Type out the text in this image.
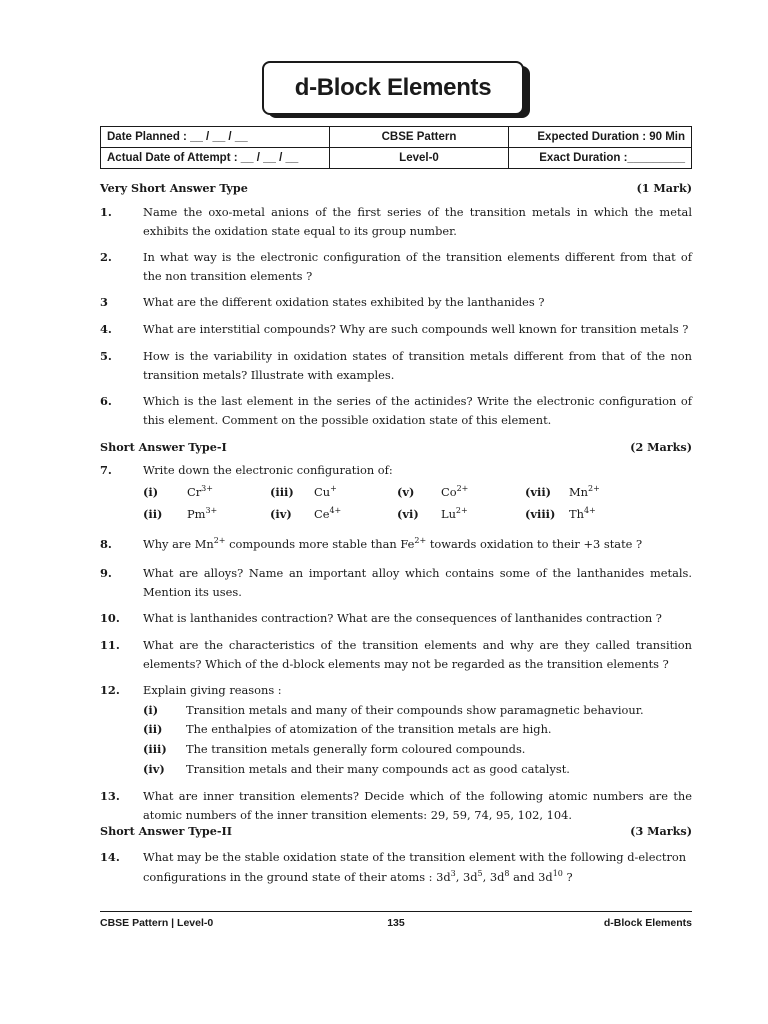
d-Block Elements
Date Planned : __ / __ / __	CBSE Pattern	Expected Duration : 90 Min
Actual Date of Attempt : __ / __ / __	Level-0	Exact Duration :_________
Very Short Answer Type	(1 Mark)
1.	Name the oxo-metal anions of the first series of the transition metals in which the metal exhibits the oxidation state equal to its group number.
2.	In what way is the electronic configuration of the transition elements different from that of the non transition elements ?
3	What are the different oxidation states exhibited by the lanthanides ?
4.	What are interstitial compounds? Why are such compounds well known for transition metals ?
5.	How is the variability in oxidation states of transition metals different from that of the non transition metals? Illustrate with examples.
6.	Which is the last element in the series of the actinides? Write the electronic configuration of this element. Comment on the possible oxidation state of this element.
Short Answer Type-I	(2 Marks)
7.	Write down the electronic configuration of:
(i)	$Cr^{3+}$	(iii) Cu+	(v) $Co^{2+}$	(vii) $Mn^{2+}$
(ii) $Pm^{3+}$	(iv) $Ce^{4+}$	(vi) $Lu^{2+}$	(viii) $Th^{4+}$
8.	Why are $Mn^{2+}$ compounds more stable than $Fe^{2+}$ towards oxidation to their +3 state ?
9.	What are alloys? Name an important alloy which contains some of the lanthanides metals. Mention its uses.
10. What is lanthanides contraction? What are the consequences of lanthanides contraction ?
11. What are the characteristics of the transition elements and why are they called transition elements? Which of the d-block elements may not be regarded as the transition elements ?
12. Explain giving reasons :
(i) Transition metals and many of their compounds show paramagnetic behaviour.
(ii) The enthalpies of atomization of the transition metals are high.
(iii) The transition metals generally form coloured compounds.
(iv) Transition metals and their many compounds act as good catalyst.
13. What are inner transition elements? Decide which of the following atomic numbers are the atomic numbers of the inner transition elements: 29, 59, 74, 95, 102, 104.
Short Answer Type-II	(3 Marks)
14. What may be the stable oxidation state of the transition element with the following d-electron
configurations in the ground state of their atoms : $3d^3$, $3d^5$, $3d^8$ and $3d^{10}$ ?
CBSE Pattern | Level-0	135	d-Block Elements
